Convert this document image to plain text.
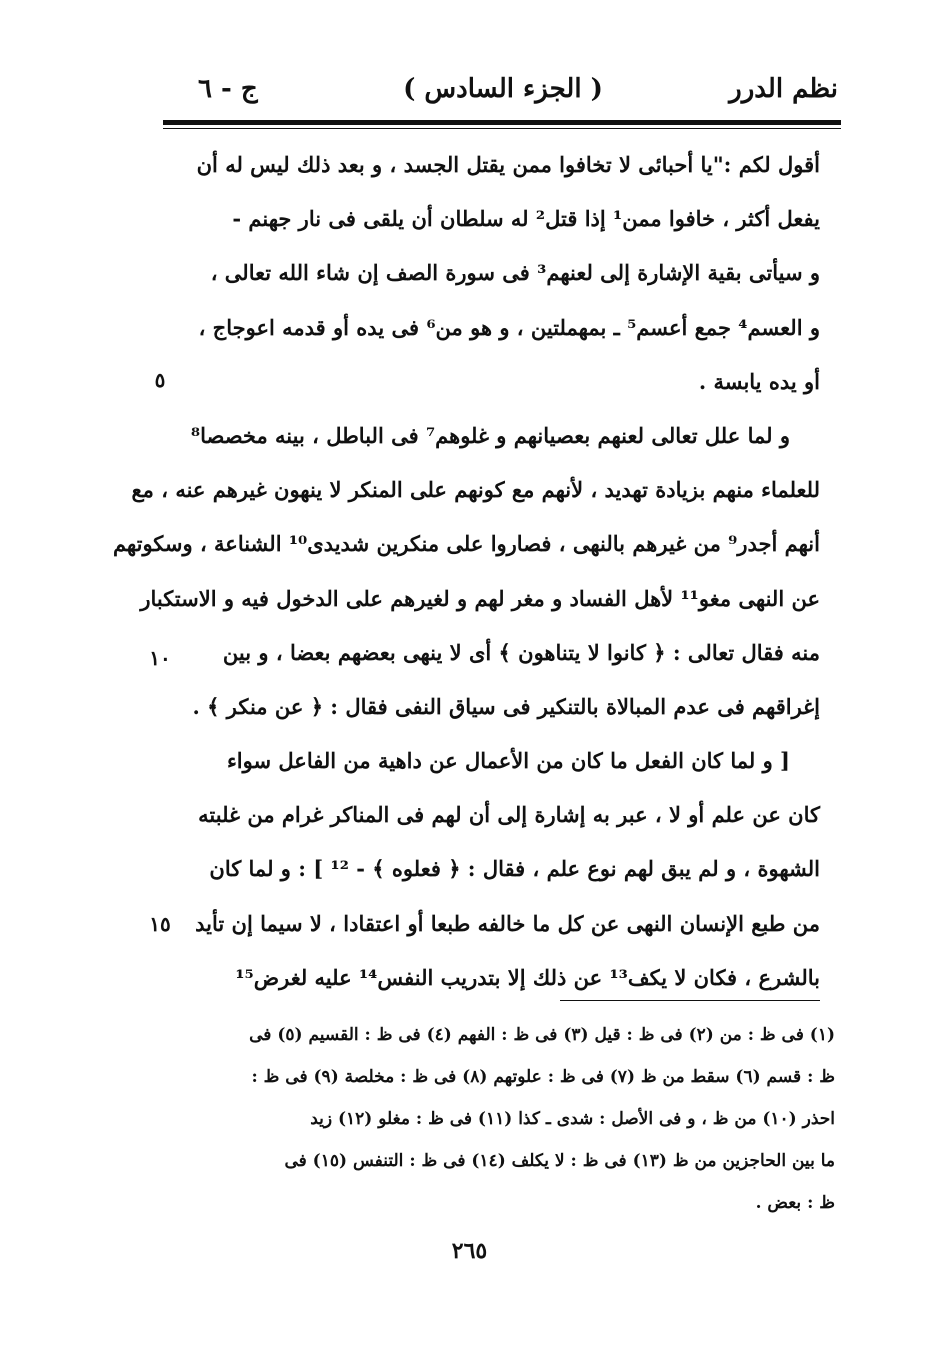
نظم الدرر
( الجزء السادس )
ج - ٦
أقول لكم :"يا أحبائى لا تخافوا ممن يقتل الجسد ، و بعد ذلك ليس له أن
يفعل أكثر ، خافوا ممن¹ إذا قتل² له سلطان أن يلقى فى نار جهنم -
و سيأتى بقية الإشارة إلى لعنهم³ فى سورة الصف إن شاء الله تعالى ،
و العسم⁴ جمع أعسم⁵ ـ بمهملتين ، و هو من⁶ فى يده أو قدمه اعوجاج ،
أو يده يابسة .
و لما علل تعالى لعنهم بعصيانهم و غلوهم⁷ فى الباطل ، بينه مخصصا⁸
للعلماء منهم بزيادة تهديد ، لأنهم مع كونهم على المنكر لا ينهون غيرهم عنه ، مع
أنهم أجدر⁹ من غيرهم بالنهى ، فصاروا على منكرين شديدى¹⁰ الشناعة ، وسكوتهم
عن النهى مغو¹¹ لأهل الفساد و مغر لهم و لغيرهم على الدخول فيه و الاستكبار
منه فقال تعالى : ﴿ كانوا لا يتناهون ﴾ أى لا ينهى بعضهم بعضا ، و بين
إغراقهم فى عدم المبالاة بالتنكير فى سياق النفى فقال : ﴿ عن منكر ﴾ .
[ و لما كان الفعل ما كان من الأعمال عن داهية من الفاعل سواء
كان عن علم أو لا ، عبر به إشارة إلى أن لهم فى المناكر غرام من غلبته
الشهوة ، و لم يبق لهم نوع علم ، فقال : ﴿ فعلوه ﴾ - ¹² ] : و لما كان
من طبع الإنسان النهى عن كل ما خالفه طبعا أو اعتقادا ، لا سيما إن تأيد
بالشرع ، فكان لا يكف¹³ عن ذلك إلا بتدريب النفس¹⁴ عليه لغرض¹⁵
٥
١٠
١٥
(١) فى ظ : من (٢) فى ظ : قيل (٣) فى ظ : الفهم (٤) فى ظ : القسيم (٥) فى
ظ : قسم (٦) سقط من ظ (٧) فى ظ : علوتهم (٨) فى ظ : مخلصة (٩) فى ظ :
احذر (١٠) من ظ ، و فى الأصل : شدى ـ كذا (١١) فى ظ : مغلو (١٢) زيد
ما بين الحاجزين من ظ (١٣) فى ظ : لا يكلف (١٤) فى ظ : التنفس (١٥) فى
ظ : بعض .
٢٦٥
